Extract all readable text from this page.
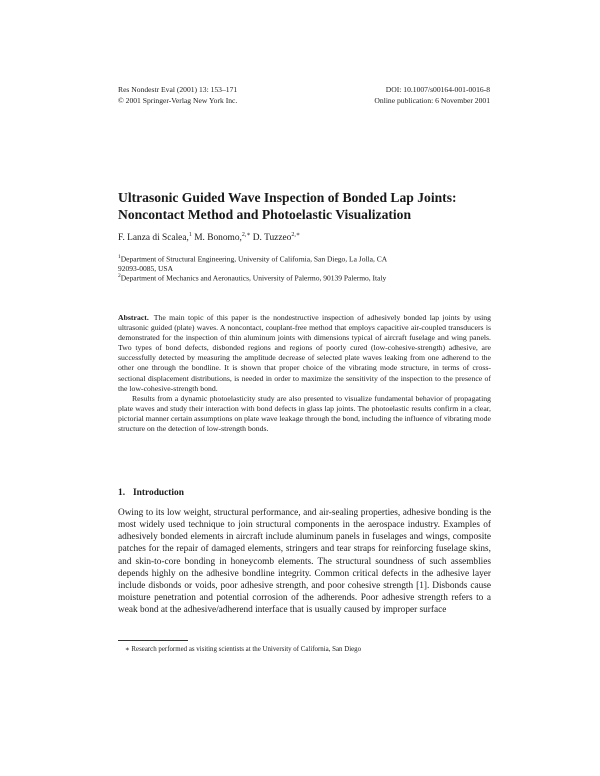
Res Nondestr Eval (2001) 13: 153–171
© 2001 Springer-Verlag New York Inc.
DOI: 10.1007/s00164-001-0016-8
Online publication: 6 November 2001
Ultrasonic Guided Wave Inspection of Bonded Lap Joints:
Noncontact Method and Photoelastic Visualization
F. Lanza di Scalea,$^1$ M. Bonomo,$^{2,∗}$ D. Tuzzeo$^{2,∗}$
$^1$Department of Structural Engineering, University of California, San Diego, La Jolla, CA
92093-0085, USA
$^2$Department of Mechanics and Aeronautics, University of Palermo, 90139 Palermo, Italy

Abstract. The main topic of this paper is the nondestructive inspection of adhesively bonded lap joints by using ultrasonic guided (plate) waves. A noncontact, couplant-free method that employs capacitive air-coupled transducers is demonstrated for the inspection of thin aluminum joints with dimensions typical of aircraft fuselage and wing panels. Two types of bond defects, disbonded regions and regions of poorly cured (low-cohesive-strength) adhesive, are successfully detected by measuring the amplitude decrease of selected plate waves leaking from one adherend to the other one through the bondline. It is shown that proper choice of the vibrating mode structure, in terms of cross-sectional displacement distributions, is needed in order to maximize the sensitivity of the inspection to the presence of the low-cohesive-strength bond.

Results from a dynamic photoelasticity study are also presented to visualize fundamental behavior of propagating plate waves and study their interaction with bond defects in glass lap joints. The photoelastic results confirm in a clear, pictorial manner certain assumptions on plate wave leakage through the bond, including the influence of vibrating mode structure on the detection of low-strength bonds.

1. Introduction

Owing to its low weight, structural performance, and air-sealing properties, adhesive bonding is the most widely used technique to join structural components in the aerospace industry. Examples of adhesively bonded elements in aircraft include aluminum panels in fuselages and wings, composite patches for the repair of damaged elements, stringers and tear straps for reinforcing fuselage skins, and skin-to-core bonding in honeycomb elements. The structural soundness of such assemblies depends highly on the adhesive bondline integrity. Common critical defects in the adhesive layer include disbonds or voids, poor adhesive strength, and poor cohesive strength [1]. Disbonds cause moisture penetration and potential corrosion of the adherends. Poor adhesive strength refers to a weak bond at the adhesive/adherend interface that is usually caused by improper surface

∗ Research performed as visiting scientists at the University of California, San Diego
